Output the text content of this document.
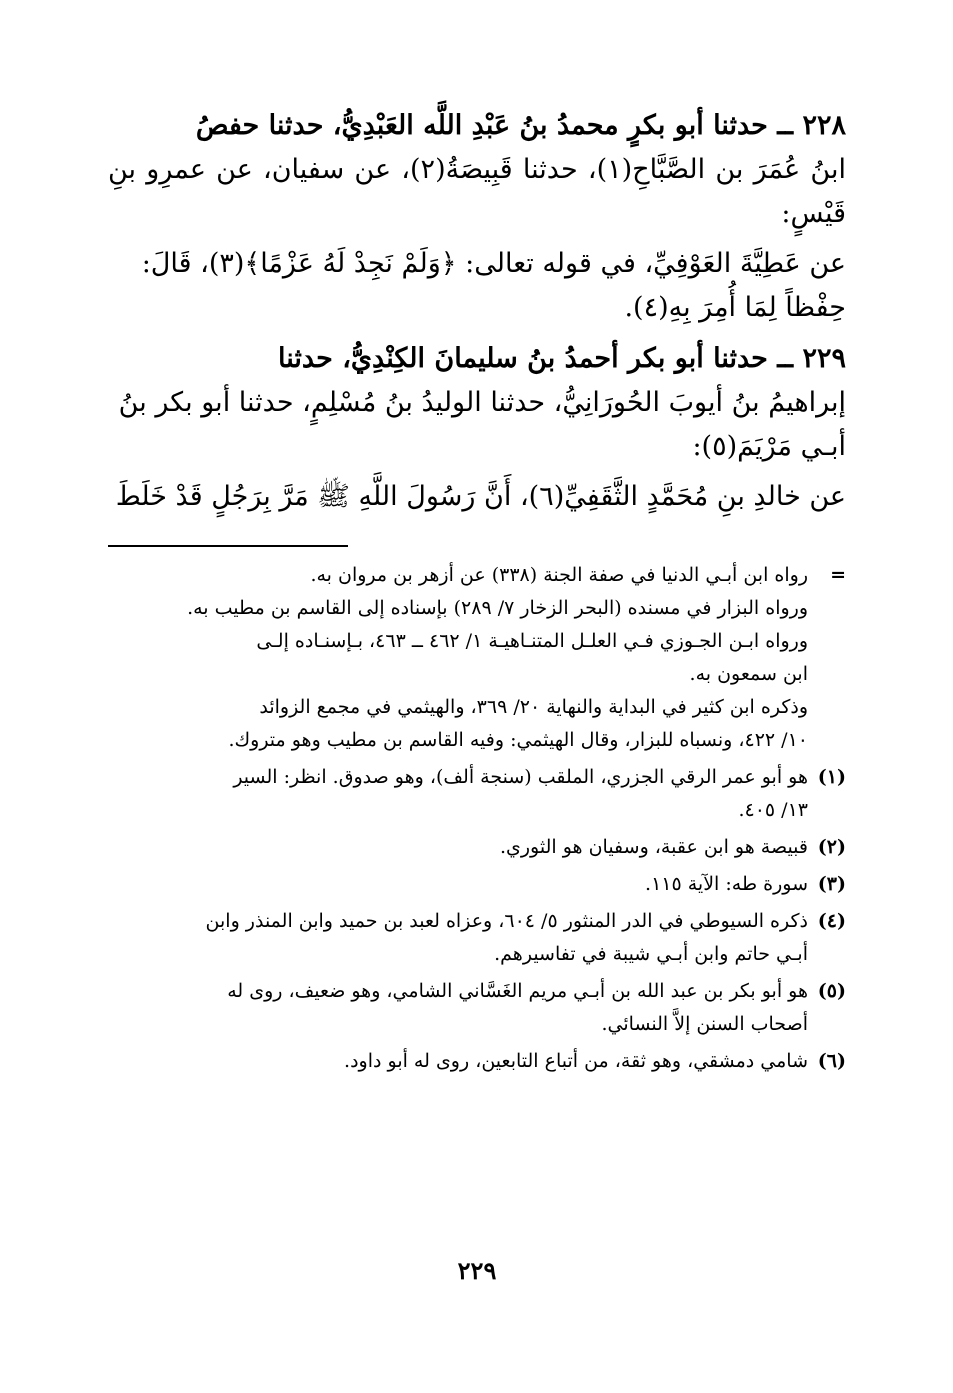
٢٢٨ ــ حدثنا أبو بكرٍ محمدُ بنُ عَبْدِ اللَّه العَبْدِيُّ، حدثنا حفصُ

ابنُ عُمَرَ بن الصَّبَّاحِ(١)، حدثنا قَبِيصَةُ(٢)، عن سفيان، عن عمرِو بنِ قَيْسٍ:

عن عَطِيَّةَ العَوْفِيِّ، في قوله تعالى: ﴿وَلَمْ نَجِدْ لَهُ عَزْمًا﴾(٣)، قَالَ:

حِفْظاً لِمَا أُمِرَ بِهِ(٤).

٢٢٩ ــ حدثنا أبو بكر أحمدُ بنُ سليمانَ الكِنْدِيُّ، حدثنا

إبراهيمُ بنُ أيوبَ الحُورَانِيُّ، حدثنا الوليدُ بنُ مُسْلِمٍ، حدثنا أبو بكر بنُ

أبـي مَرْيَمَ(٥):

عن خالدِ بنِ مُحَمَّدٍ الثَّقَفِيِّ(٦)، أَنَّ رَسُولَ اللَّهِ ﷺ مَرَّ بِرَجُلٍ قَدْ خَلَطَ

=
رواه ابن أبـي الدنيا في صفة الجنة (٣٣٨) عن أزهر بن مروان به.
ورواه البزار في مسنده (البحر الزخار ٧/ ٢٨٩) بإسناده إلى القاسم بن مطيب به.
ورواه ابـن الجـوزي فـي العلـل المتنـاهيـة ١/ ٤٦٢ ــ ٤٦٣، بـإسنـاده إلـى
ابن سمعون به.
وذكره ابن كثير في البداية والنهاية ٢٠/ ٣٦٩، والهيثمي في مجمع الزوائد
١٠/ ٤٢٢، ونسباه للبزار، وقال الهيثمي: وفيه القاسم بن مطيب وهو متروك.
(١)
هو أبو عمر الرقي الجزري، الملقب (سنجة ألف)، وهو صدوق. انظر: السير
١٣/ ٤٠٥.
(٢)
قبيصة هو ابن عقبة، وسفيان هو الثوري.
(٣)
سورة طه: الآية ١١٥.
(٤)
ذكره السيوطي في الدر المنثور ٥/ ٦٠٤، وعزاه لعبد بن حميد وابن المنذر وابن
أبـي حاتم وابن أبـي شيبة في تفاسيرهم.
(٥)
هو أبو بكر بن عبد الله بن أبـي مريم الغَسَّاني الشامي، وهو ضعيف، روى له
أصحاب السنن إلاَّ النسائي.
(٦)
شامي دمشقي، وهو ثقة، من أتباع التابعين، روى له أبو داود.
٢٢٩
